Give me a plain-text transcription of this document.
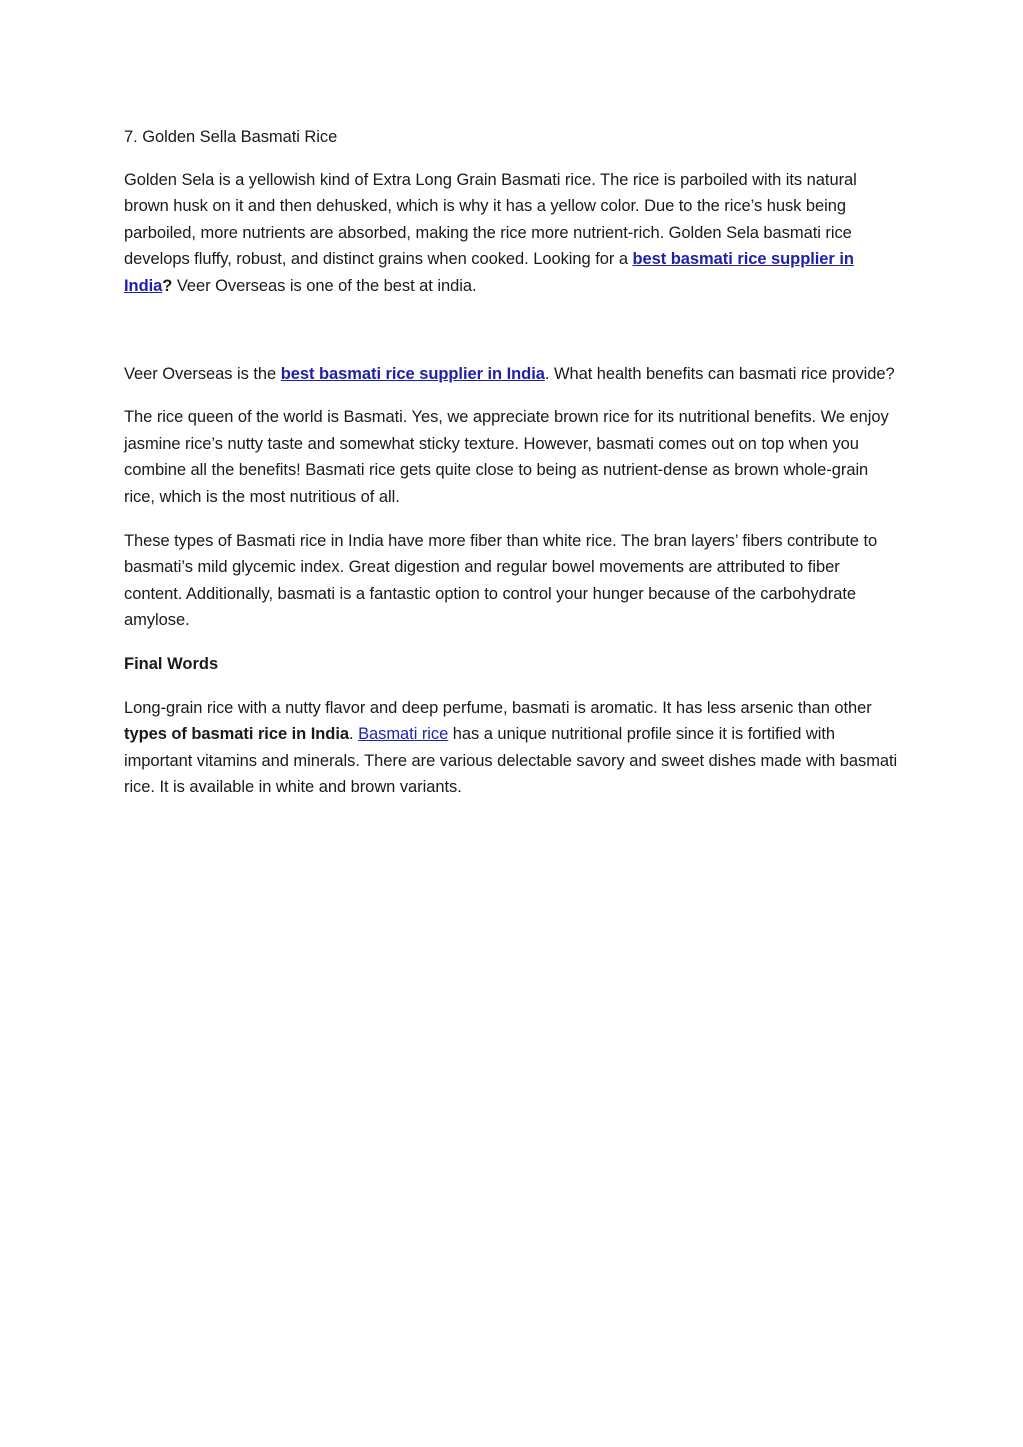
7. Golden Sella Basmati Rice

Golden Sela is a yellowish kind of Extra Long Grain Basmati rice. The rice is parboiled with its natural brown husk on it and then dehusked, which is why it has a yellow color. Due to the rice’s husk being parboiled, more nutrients are absorbed, making the rice more nutrient-rich. Golden Sela basmati rice develops fluffy, robust, and distinct grains when cooked. Looking for a best basmati rice supplier in India? Veer Overseas is one of the best at india.

Veer Overseas is the best basmati rice supplier in India. What health benefits can basmati rice provide?

The rice queen of the world is Basmati. Yes, we appreciate brown rice for its nutritional benefits. We enjoy jasmine rice’s nutty taste and somewhat sticky texture. However, basmati comes out on top when you combine all the benefits! Basmati rice gets quite close to being as nutrient-dense as brown whole-grain rice, which is the most nutritious of all.

These types of Basmati rice in India have more fiber than white rice. The bran layers’ fibers contribute to basmati’s mild glycemic index. Great digestion and regular bowel movements are attributed to fiber content. Additionally, basmati is a fantastic option to control your hunger because of the carbohydrate amylose.

Final Words

Long-grain rice with a nutty flavor and deep perfume, basmati is aromatic. It has less arsenic than other types of basmati rice in India. Basmati rice has a unique nutritional profile since it is fortified with important vitamins and minerals. There are various delectable savory and sweet dishes made with basmati rice. It is available in white and brown variants.
